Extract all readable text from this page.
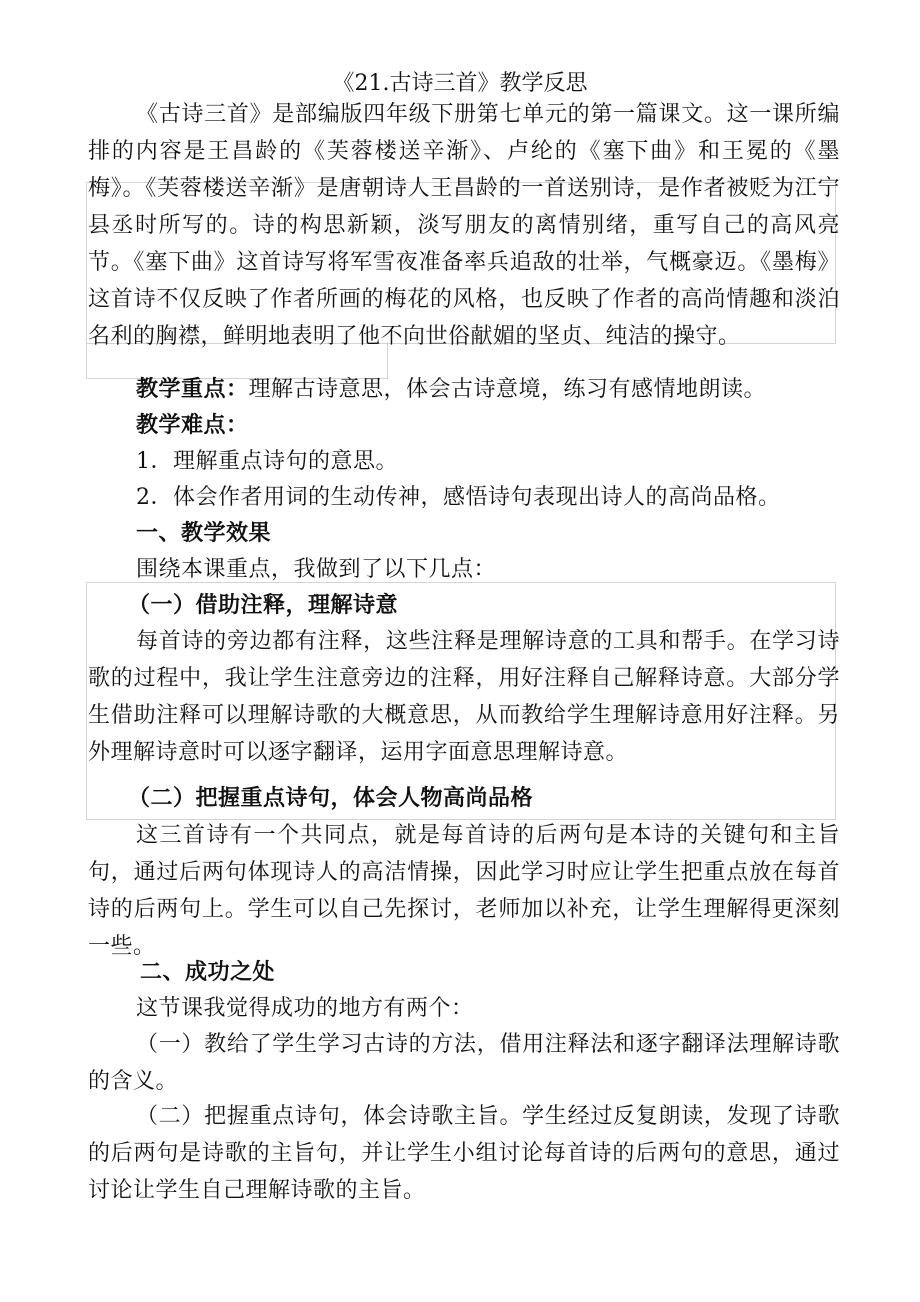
《21.古诗三首》教学反思
《古诗三首》是部编版四年级下册第七单元的第一篇课文。这一课所编排的内容是王昌龄的《芙蓉楼送辛渐》、卢纶的《塞下曲》和王冕的《墨梅》。《芙蓉楼送辛渐》是唐朝诗人王昌龄的一首送别诗，是作者被贬为江宁县丞时所写的。诗的构思新颖，淡写朋友的离情别绪，重写自己的高风亮节。《塞下曲》这首诗写将军雪夜准备率兵追敌的壮举，气概豪迈。《墨梅》这首诗不仅反映了作者所画的梅花的风格，也反映了作者的高尚情趣和淡泊名利的胸襟，鲜明地表明了他不向世俗献媚的坚贞、纯洁的操守。
教学重点：理解古诗意思，体会古诗意境，练习有感情地朗读。
教学难点：
1．理解重点诗句的意思。
2．体会作者用词的生动传神，感悟诗句表现出诗人的高尚品格。
一、教学效果
围绕本课重点，我做到了以下几点：
（一）借助注释，理解诗意
每首诗的旁边都有注释，这些注释是理解诗意的工具和帮手。在学习诗歌的过程中，我让学生注意旁边的注释，用好注释自己解释诗意。大部分学生借助注释可以理解诗歌的大概意思，从而教给学生理解诗意用好注释。另外理解诗意时可以逐字翻译，运用字面意思理解诗意。
（二）把握重点诗句，体会人物高尚品格
这三首诗有一个共同点，就是每首诗的后两句是本诗的关键句和主旨句，通过后两句体现诗人的高洁情操，因此学习时应让学生把重点放在每首诗的后两句上。学生可以自己先探讨，老师加以补充，让学生理解得更深刻一些。
二、成功之处
这节课我觉得成功的地方有两个：
（一）教给了学生学习古诗的方法，借用注释法和逐字翻译法理解诗歌的含义。
（二）把握重点诗句，体会诗歌主旨。学生经过反复朗读，发现了诗歌的后两句是诗歌的主旨句，并让学生小组讨论每首诗的后两句的意思，通过讨论让学生自己理解诗歌的主旨。
